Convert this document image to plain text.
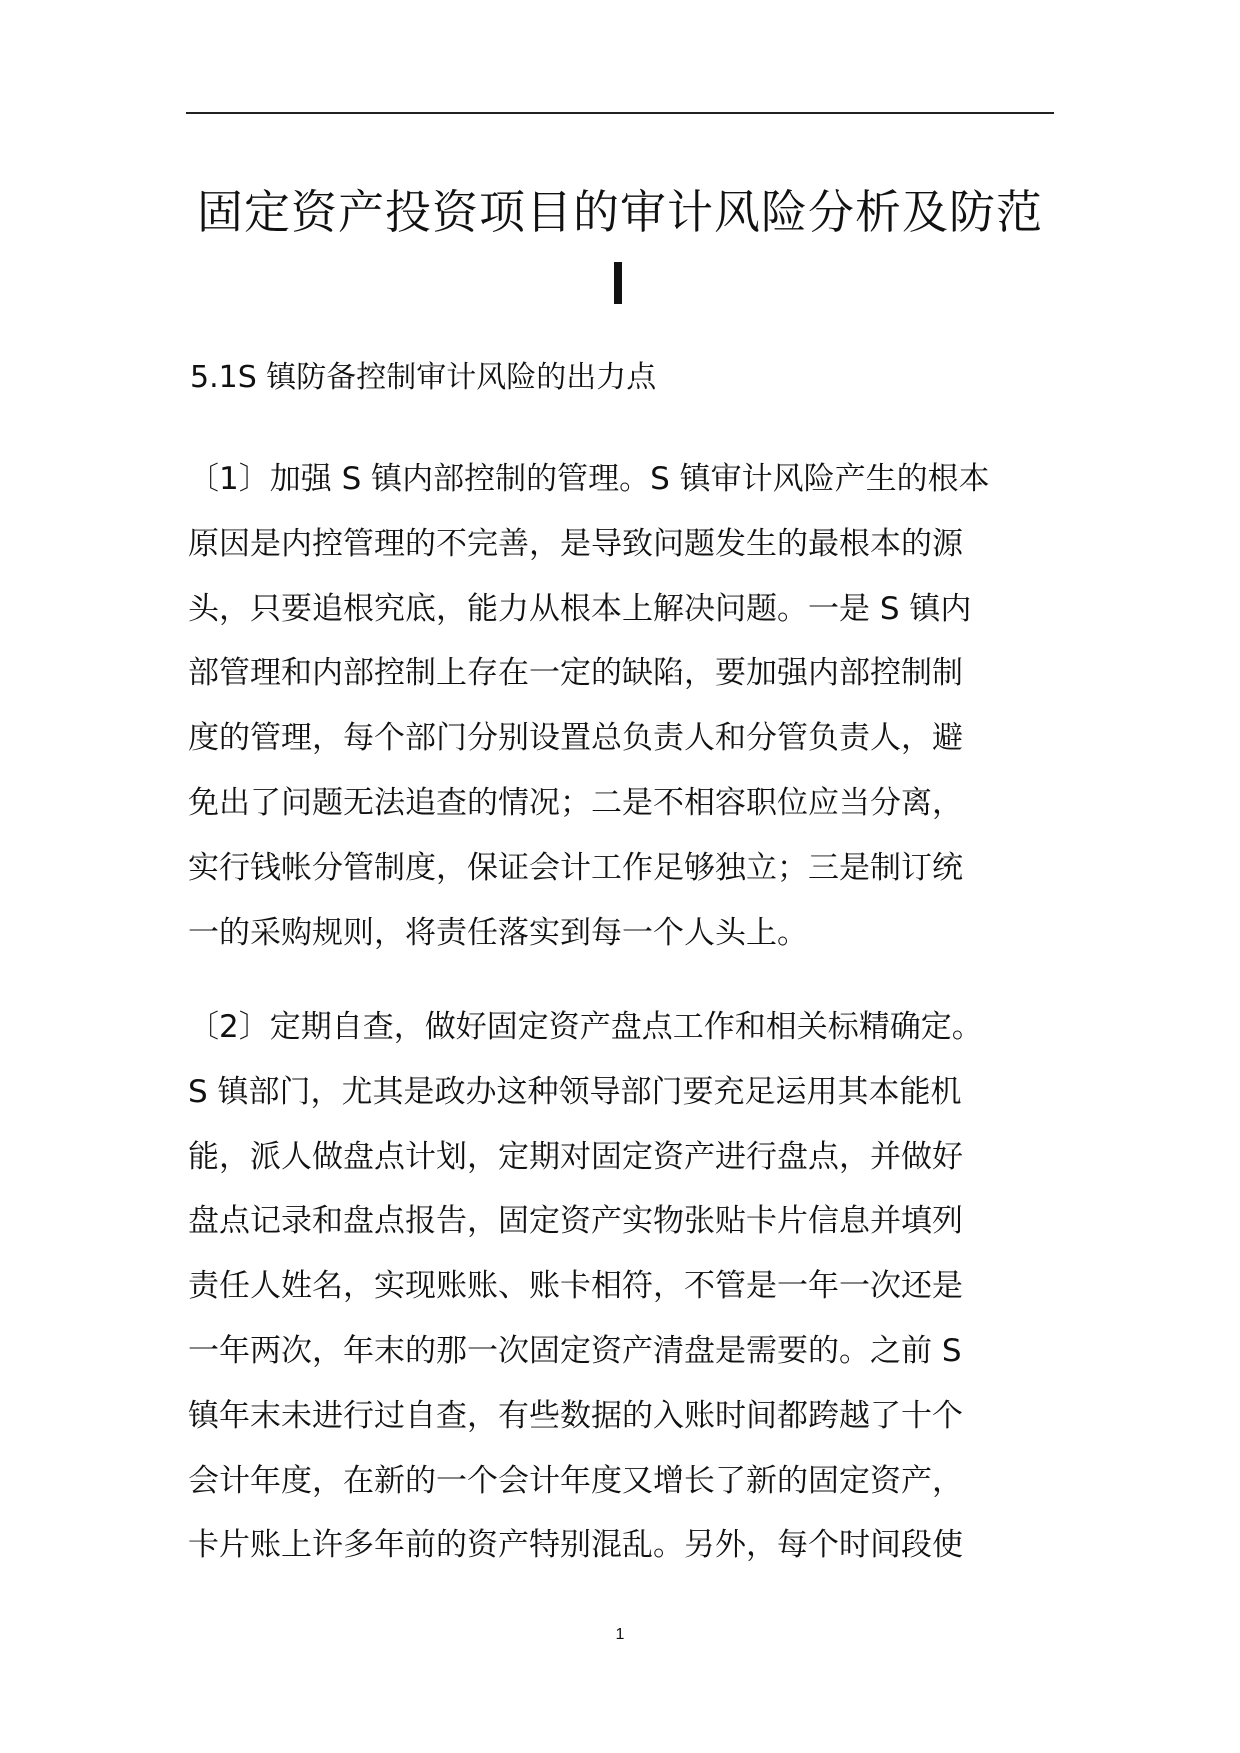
固定资产投资项目的审计风险分析及防范
5.1S 镇防备控制审计风险的出力点

〔1〕加强 S 镇内部控制的管理。S 镇审计风险产生的根本
原因是内控管理的不完善，是导致问题发生的最根本的源
头，只要追根究底，能力从根本上解决问题。一是 S 镇内
部管理和内部控制上存在一定的缺陷，要加强内部控制制
度的管理，每个部门分别设置总负责人和分管负责人，避
免出了问题无法追查的情况；二是不相容职位应当分离，
实行钱帐分管制度，保证会计工作足够独立；三是制订统
一的采购规则，将责任落实到每一个人头上。

〔2〕定期自查，做好固定资产盘点工作和相关标精确定。
S 镇部门，尤其是政办这种领导部门要充足运用其本能机
能，派人做盘点计划，定期对固定资产进行盘点，并做好
盘点记录和盘点报告，固定资产实物张贴卡片信息并填列
责任人姓名，实现账账、账卡相符，不管是一年一次还是
一年两次，年末的那一次固定资产清盘是需要的。之前 S
镇年末未进行过自查，有些数据的入账时间都跨越了十个
会计年度，在新的一个会计年度又增长了新的固定资产，
卡片账上许多年前的资产特别混乱。另外，每个时间段使

1
